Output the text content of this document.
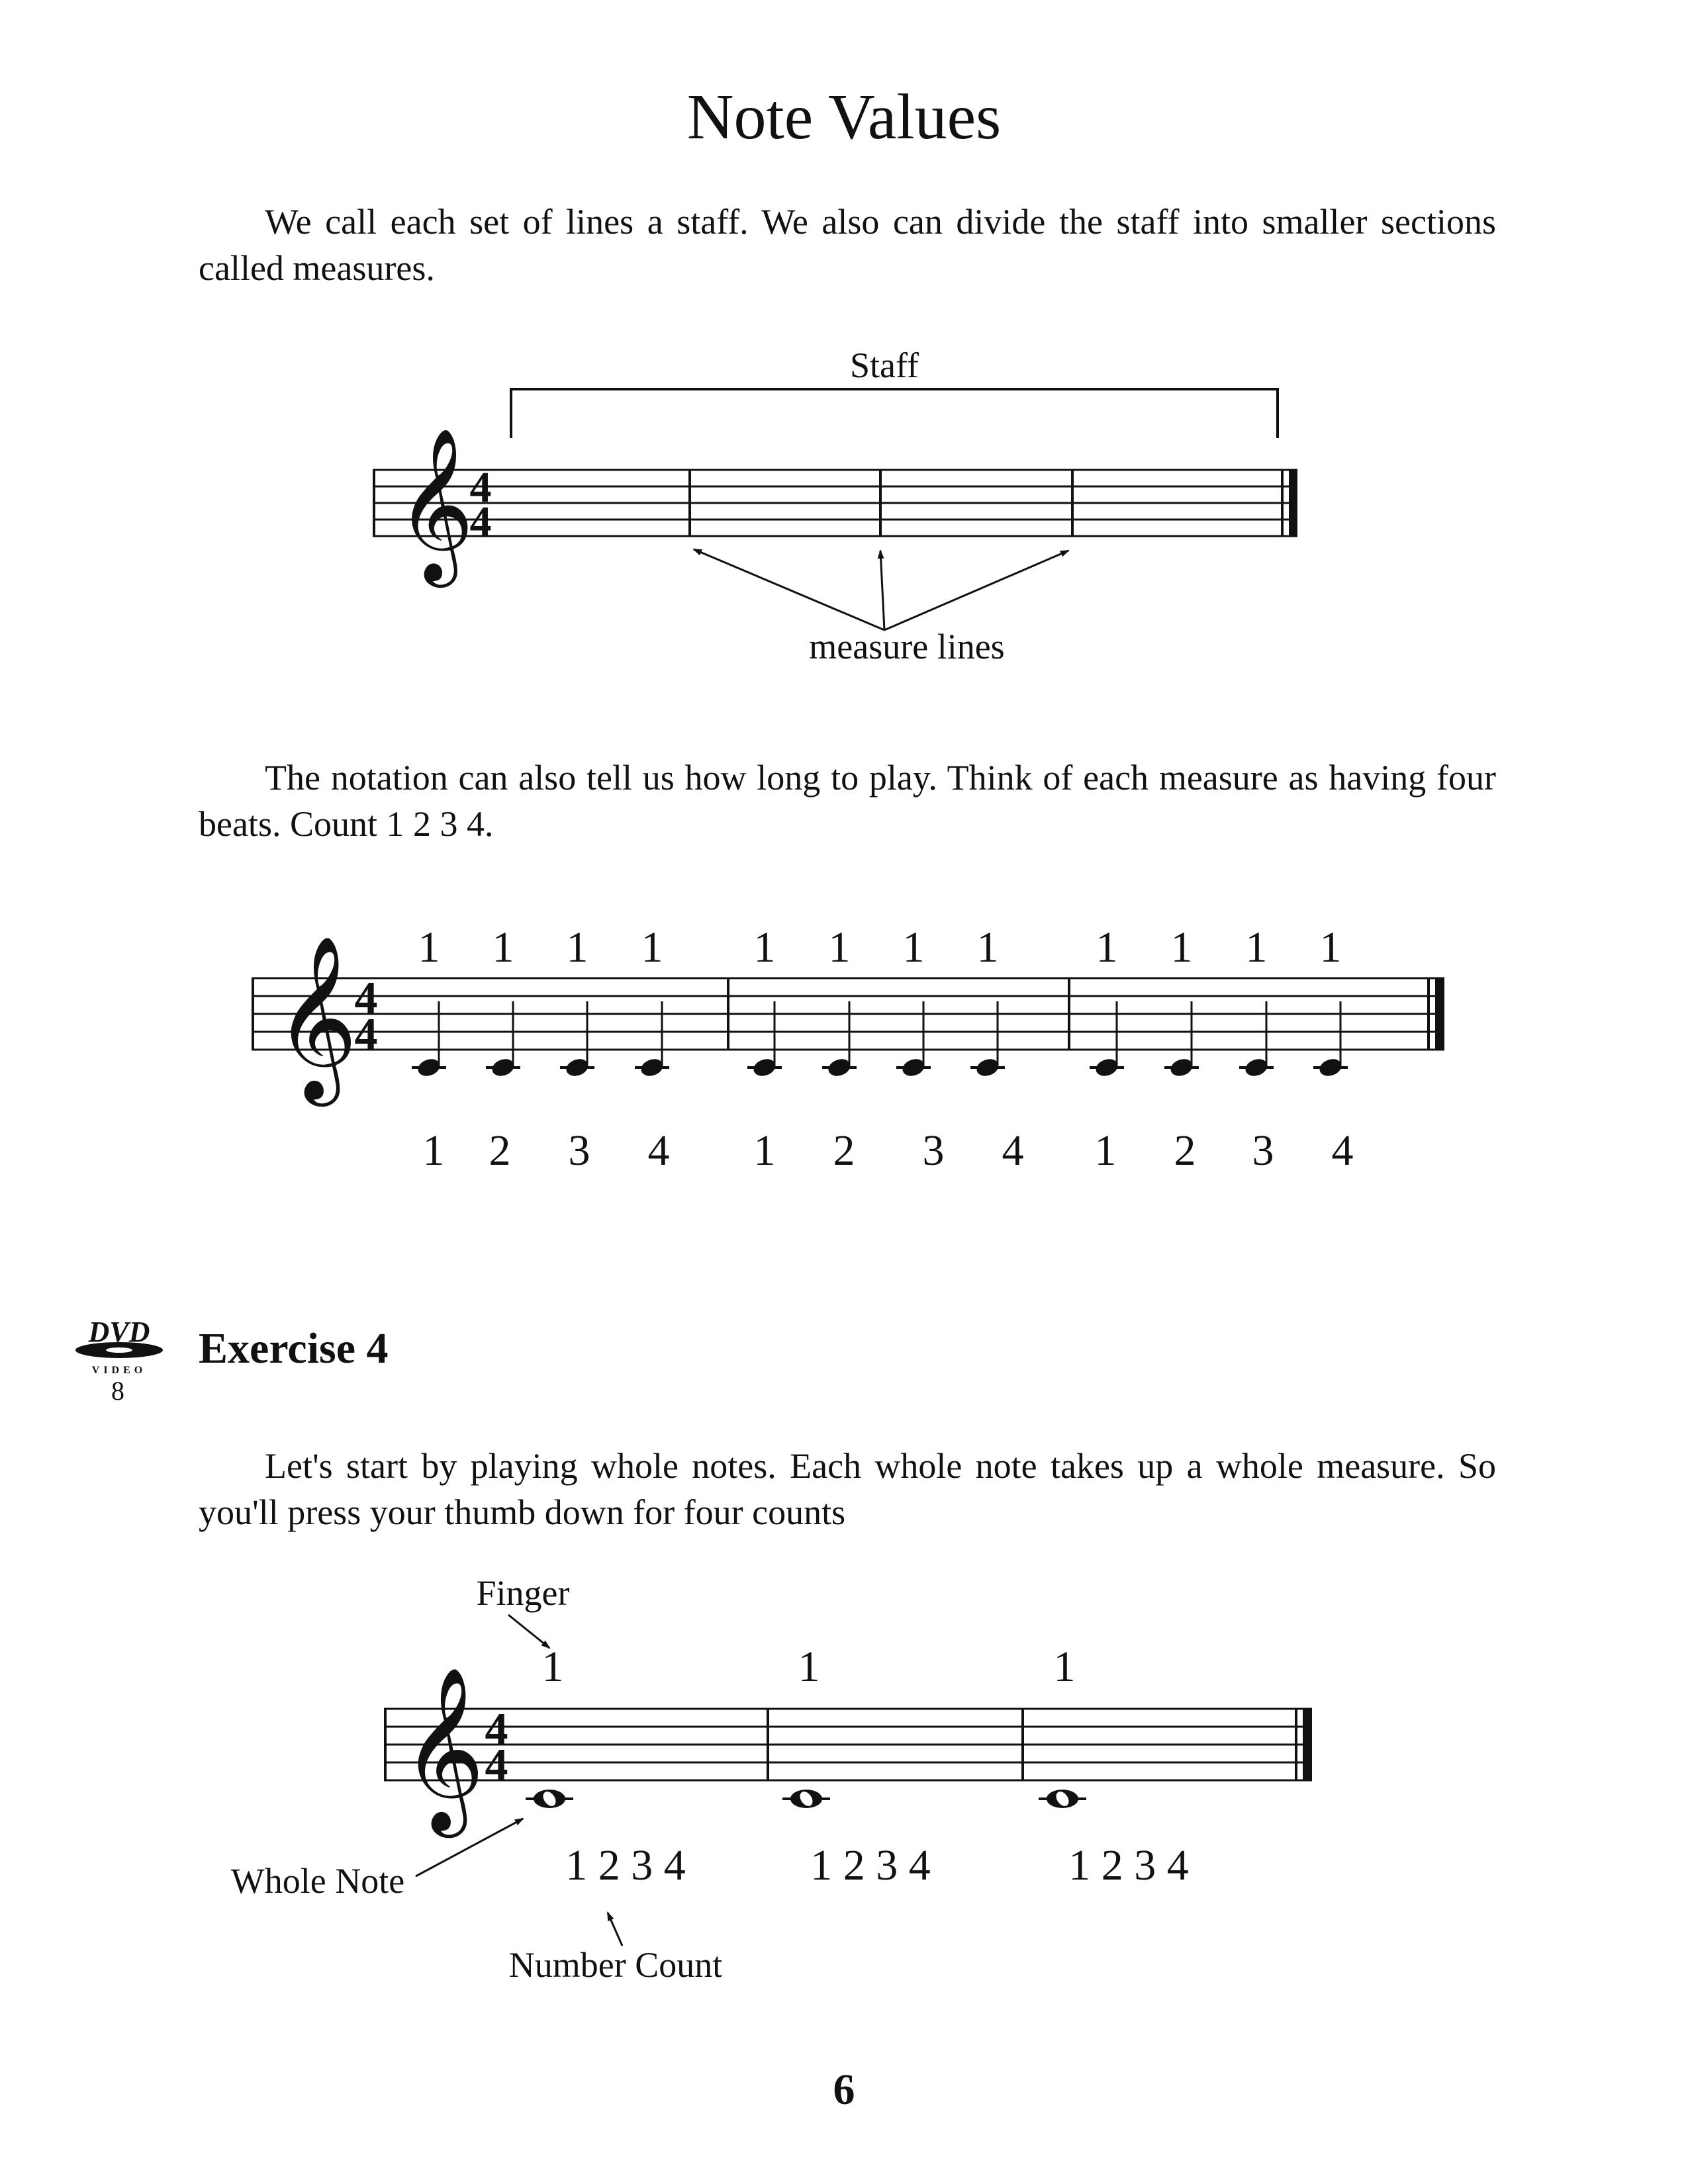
Note Values
We call each set of lines a staff. We also can divide the staff into smaller sections called measures.
Staff
𝄞
4
4
measure lines
The notation can also tell us how long to play. Think of each measure as having four beats. Count 1 2 3 4.
𝄞
4
4
1 1 1 1
1 2 3 4
1 1 1 1
1 2 3 4
1 1 1 1
1 2 3 4
DVD
VIDEO
8
Exercise 4
Let's start by playing whole notes. Each whole note takes up a whole measure. So you'll press your thumb down for four counts
Finger
𝄞 4
4
1
1 2 3 4
1
1 2 3 4
1
1 2 3 4
Whole Note
Number Count
6
